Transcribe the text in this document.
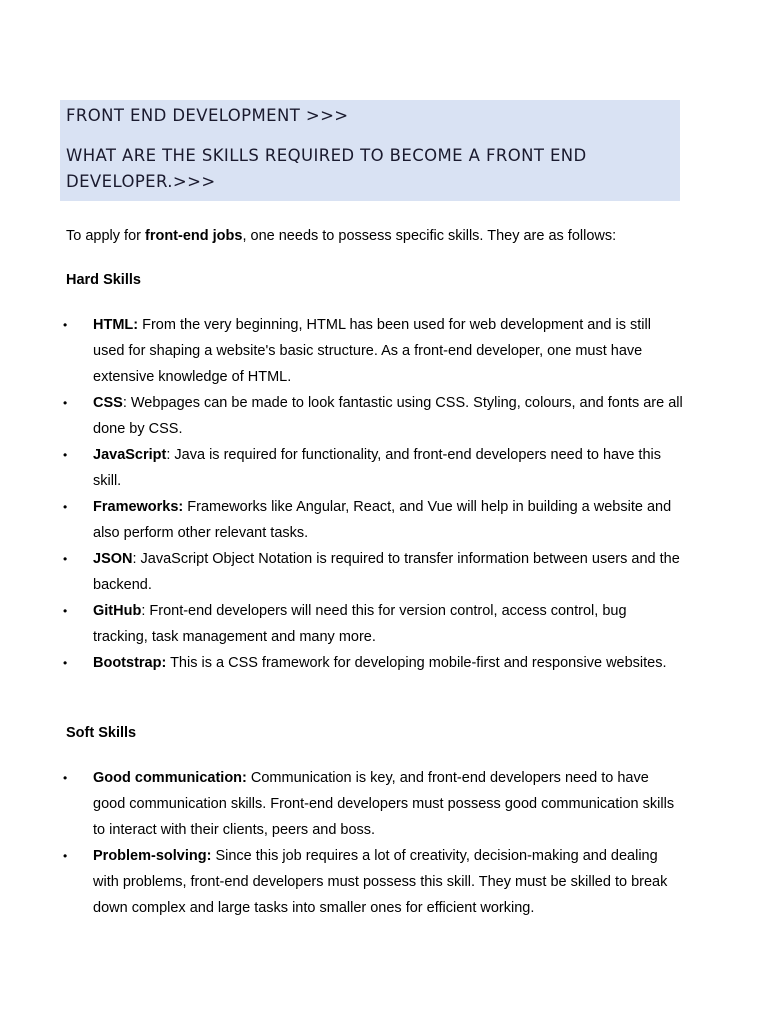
FRONT END DEVELOPMENT >>>
WHAT ARE THE SKILLS REQUIRED TO BECOME A FRONT END DEVELOPER.>>>
To apply for front-end jobs, one needs to possess specific skills. They are as follows:
Hard Skills
• HTML: From the very beginning, HTML has been used for web development and is still used for shaping a website's basic structure. As a front-end developer, one must have extensive knowledge of HTML.
• CSS: Webpages can be made to look fantastic using CSS. Styling, colours, and fonts are all done by CSS.
• JavaScript: Java is required for functionality, and front-end developers need to have this skill.
• Frameworks: Frameworks like Angular, React, and Vue will help in building a website and also perform other relevant tasks.
• JSON: JavaScript Object Notation is required to transfer information between users and the backend.
• GitHub: Front-end developers will need this for version control, access control, bug tracking, task management and many more.
• Bootstrap: This is a CSS framework for developing mobile-first and responsive websites.
Soft Skills
• Good communication: Communication is key, and front-end developers need to have good communication skills. Front-end developers must possess good communication skills to interact with their clients, peers and boss.
• Problem-solving: Since this job requires a lot of creativity, decision-making and dealing with problems, front-end developers must possess this skill. They must be skilled to break down complex and large tasks into smaller ones for efficient working.
